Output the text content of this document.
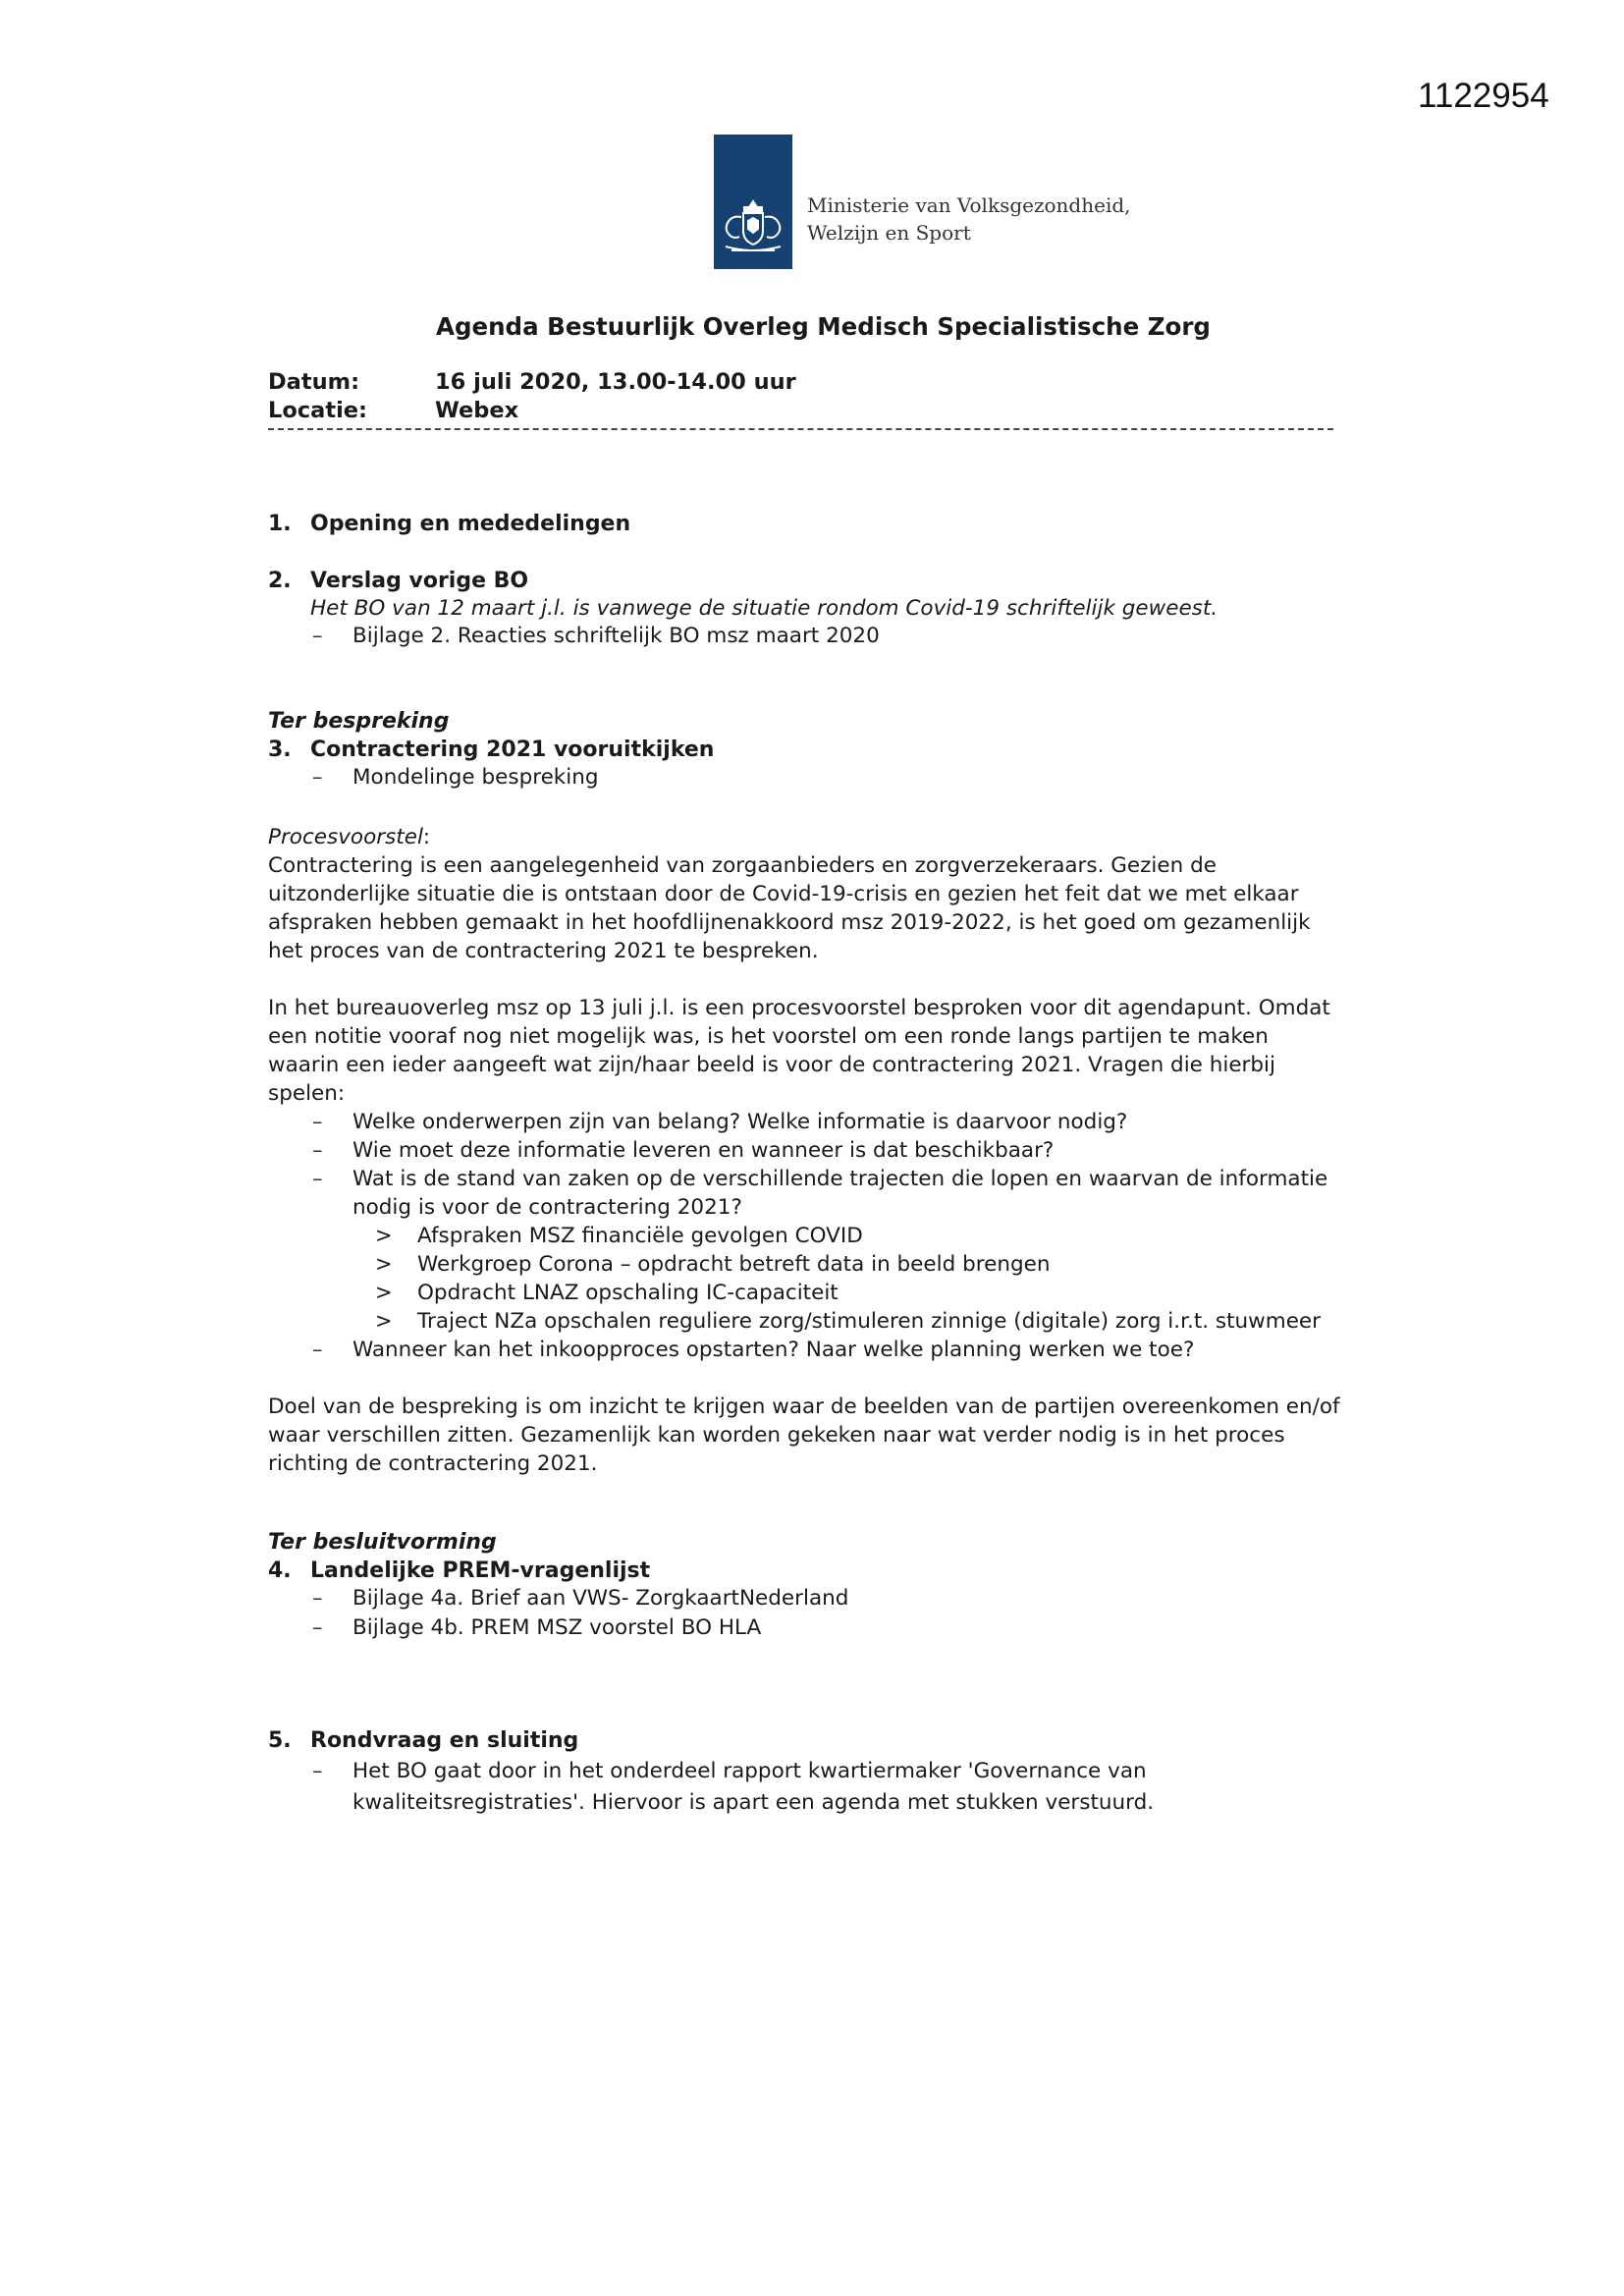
1122954
Ministerie van Volksgezondheid,
Welzijn en Sport
Agenda Bestuurlijk Overleg Medisch Specialistische Zorg
Datum:	16 juli 2020, 13.00-14.00 uur
Locatie:	Webex
1. Opening en mededelingen
2. Verslag vorige BO
Het BO van 12 maart j.l. is vanwege de situatie rondom Covid-19 schriftelijk geweest.
– Bijlage 2. Reacties schriftelijk BO msz maart 2020
Ter bespreking
3. Contractering 2021 vooruitkijken
– Mondelinge bespreking
Procesvoorstel:
Contractering is een aangelegenheid van zorgaanbieders en zorgverzekeraars. Gezien de
uitzonderlijke situatie die is ontstaan door de Covid-19-crisis en gezien het feit dat we met elkaar
afspraken hebben gemaakt in het hoofdlijnenakkoord msz 2019-2022, is het goed om gezamenlijk
het proces van de contractering 2021 te bespreken.
In het bureauoverleg msz op 13 juli j.l. is een procesvoorstel besproken voor dit agendapunt. Omdat
een notitie vooraf nog niet mogelijk was, is het voorstel om een ronde langs partijen te maken
waarin een ieder aangeeft wat zijn/haar beeld is voor de contractering 2021. Vragen die hierbij
spelen:
– Welke onderwerpen zijn van belang? Welke informatie is daarvoor nodig?
– Wie moet deze informatie leveren en wanneer is dat beschikbaar?
– Wat is de stand van zaken op de verschillende trajecten die lopen en waarvan de informatie
nodig is voor de contractering 2021?
> Afspraken MSZ financiële gevolgen COVID
> Werkgroep Corona – opdracht betreft data in beeld brengen
> Opdracht LNAZ opschaling IC-capaciteit
> Traject NZa opschalen reguliere zorg/stimuleren zinnige (digitale) zorg i.r.t. stuwmeer
– Wanneer kan het inkoopproces opstarten? Naar welke planning werken we toe?
Doel van de bespreking is om inzicht te krijgen waar de beelden van de partijen overeenkomen en/of
waar verschillen zitten. Gezamenlijk kan worden gekeken naar wat verder nodig is in het proces
richting de contractering 2021.
Ter besluitvorming
4. Landelijke PREM-vragenlijst
– Bijlage 4a. Brief aan VWS- ZorgkaartNederland
– Bijlage 4b. PREM MSZ voorstel BO HLA
5. Rondvraag en sluiting
– Het BO gaat door in het onderdeel rapport kwartiermaker 'Governance van
kwaliteitsregistraties'. Hiervoor is apart een agenda met stukken verstuurd.
